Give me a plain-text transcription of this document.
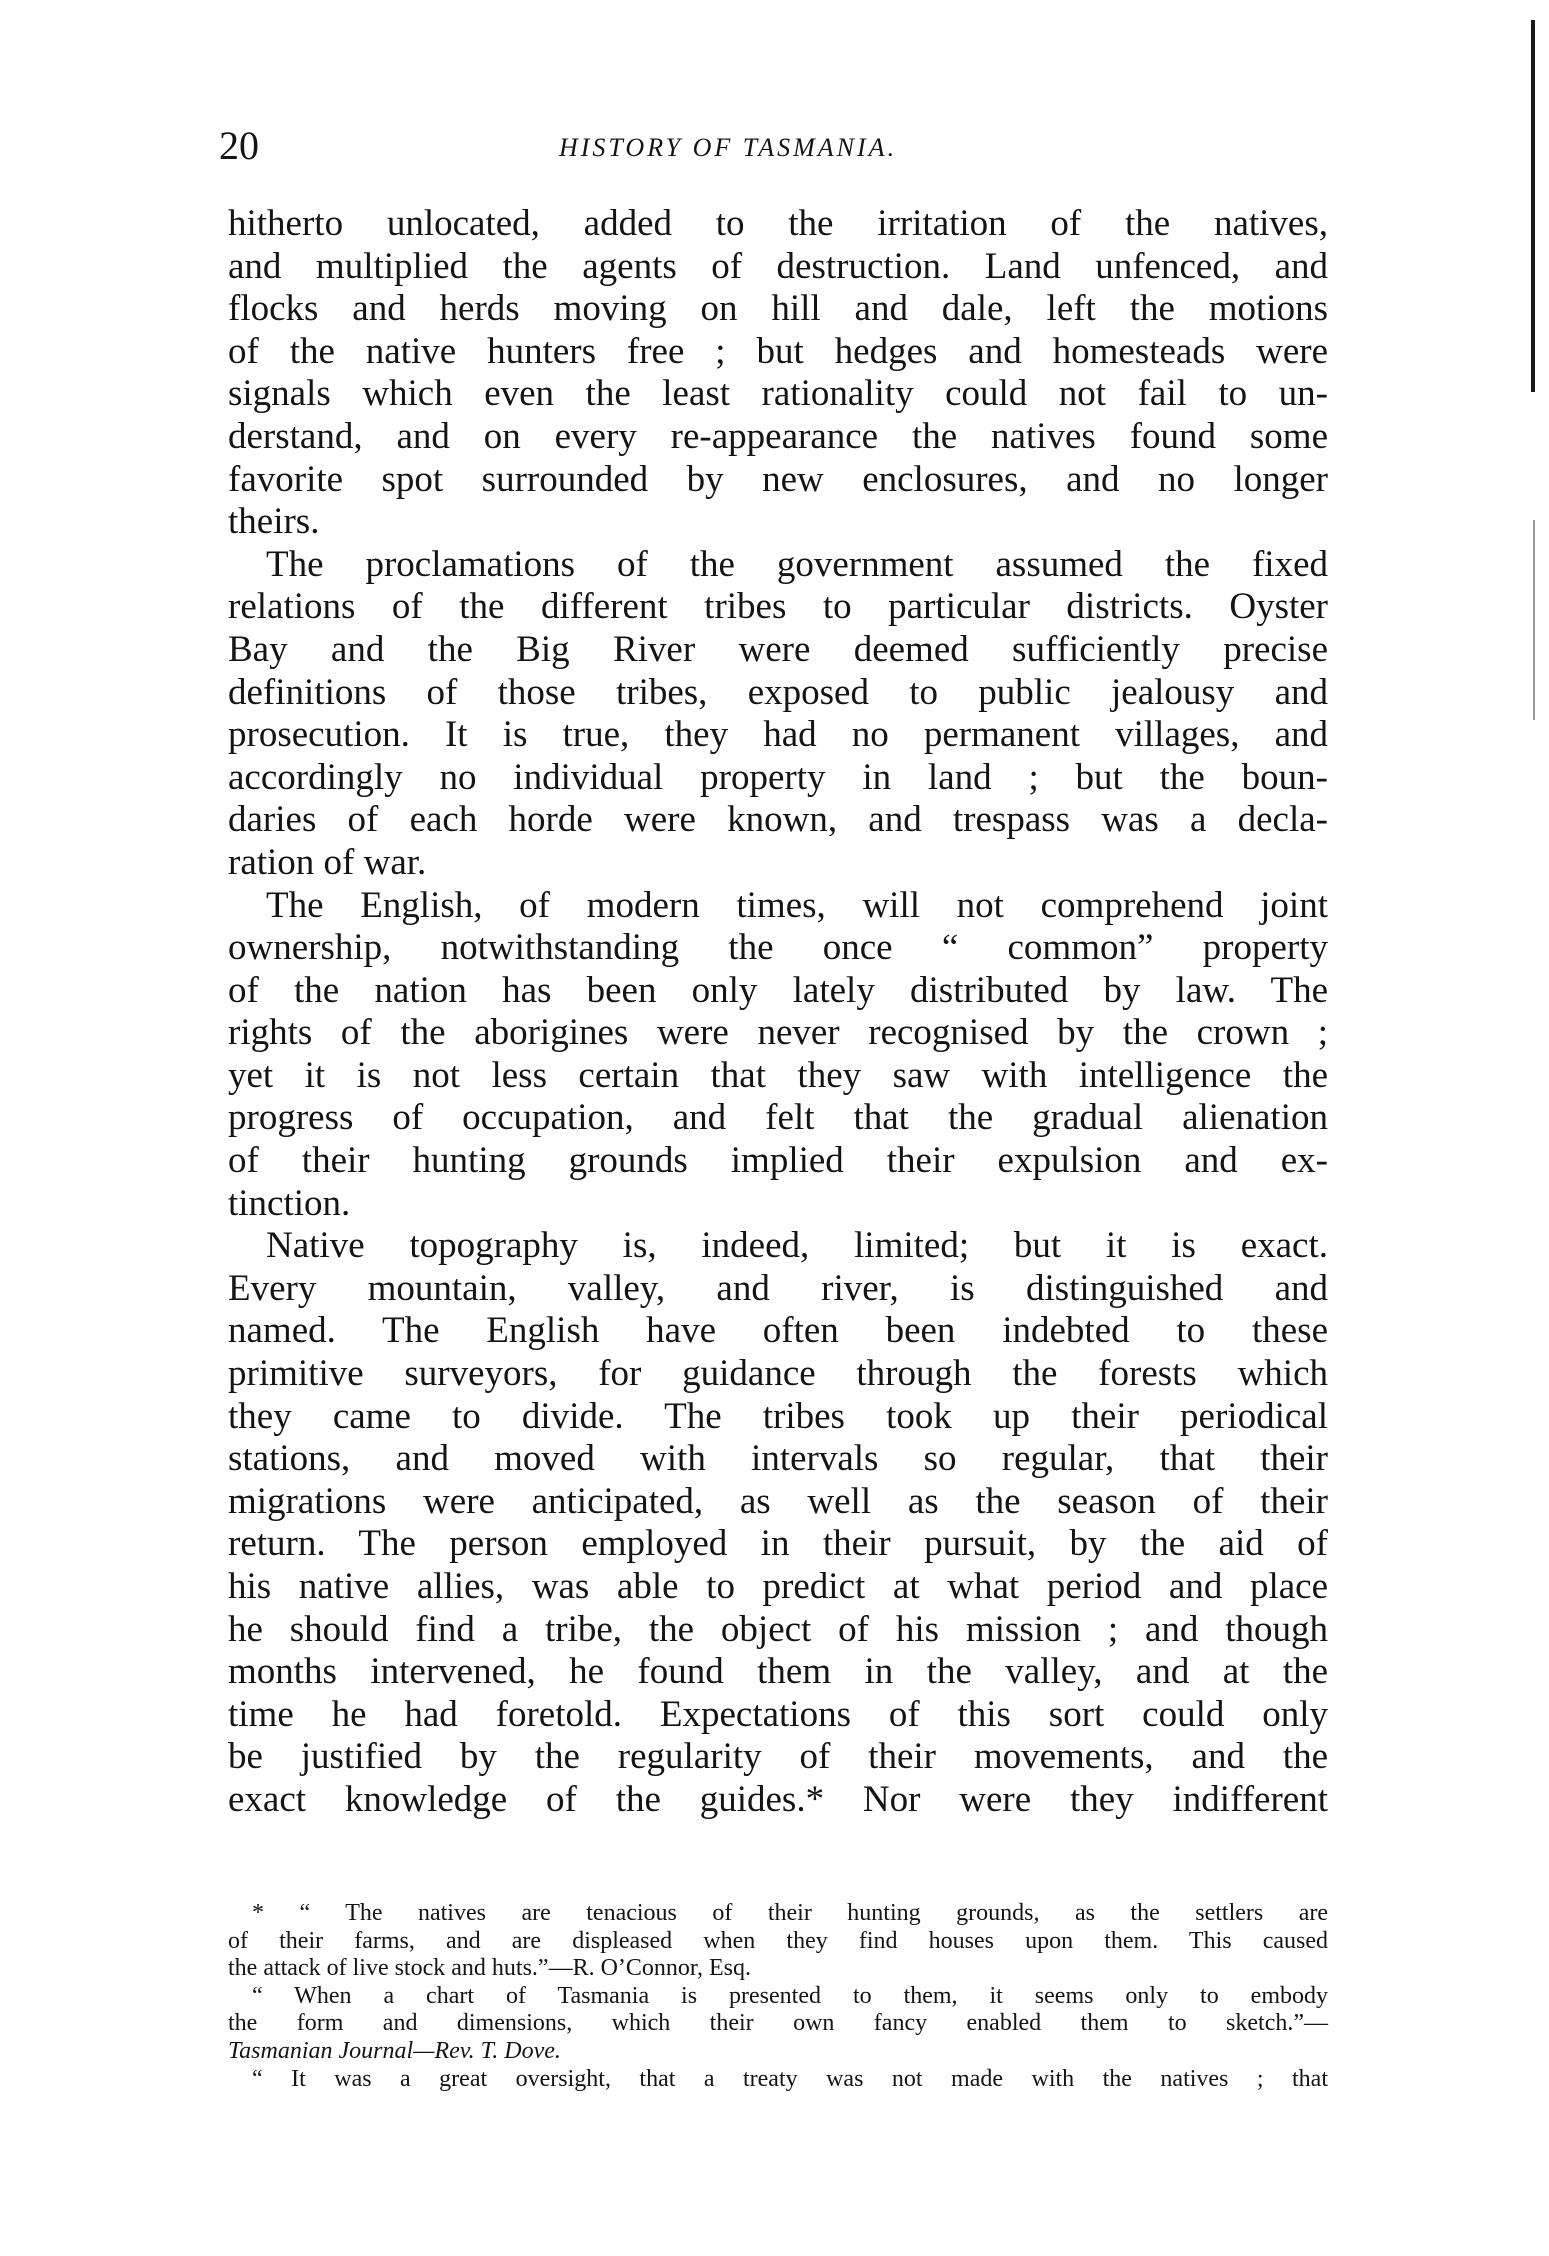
20	HISTORY OF TASMANIA.
hitherto unlocated, added to the irritation of the natives,
and multiplied the agents of destruction. Land unfenced, and
flocks and herds moving on hill and dale, left the motions
of the native hunters free ; but hedges and homesteads were
signals which even the least rationality could not fail to un-
derstand, and on every re-appearance the natives found some
favorite spot surrounded by new enclosures, and no longer
theirs.
The proclamations of the government assumed the fixed
relations of the different tribes to particular districts. Oyster
Bay and the Big River were deemed sufficiently precise
definitions of those tribes, exposed to public jealousy and
prosecution. It is true, they had no permanent villages, and
accordingly no individual property in land ; but the boun-
daries of each horde were known, and trespass was a decla-
ration of war.
The English, of modern times, will not comprehend joint
ownership, notwithstanding the once “ common” property
of the nation has been only lately distributed by law. The
rights of the aborigines were never recognised by the crown ;
yet it is not less certain that they saw with intelligence the
progress of occupation, and felt that the gradual alienation
of their hunting grounds implied their expulsion and ex-
tinction.
Native topography is, indeed, limited; but it is exact.
Every mountain, valley, and river, is distinguished and
named. The English have often been indebted to these
primitive surveyors, for guidance through the forests which
they came to divide. The tribes took up their periodical
stations, and moved with intervals so regular, that their
migrations were anticipated, as well as the season of their
return. The person employed in their pursuit, by the aid of
his native allies, was able to predict at what period and place
he should find a tribe, the object of his mission ; and though
months intervened, he found them in the valley, and at the
time he had foretold. Expectations of this sort could only
be justified by the regularity of their movements, and the
exact knowledge of the guides.* Nor were they indifferent
* “ The natives are tenacious of their hunting grounds, as the settlers are
of their farms, and are displeased when they find houses upon them. This caused
the attack of live stock and huts.”—R. O’Connor, Esq.
“ When a chart of Tasmania is presented to them, it seems only to embody
the form and dimensions, which their own fancy enabled them to sketch.”—
Tasmanian Journal—Rev. T. Dove.
“ It was a great oversight, that a treaty was not made with the natives ; that
